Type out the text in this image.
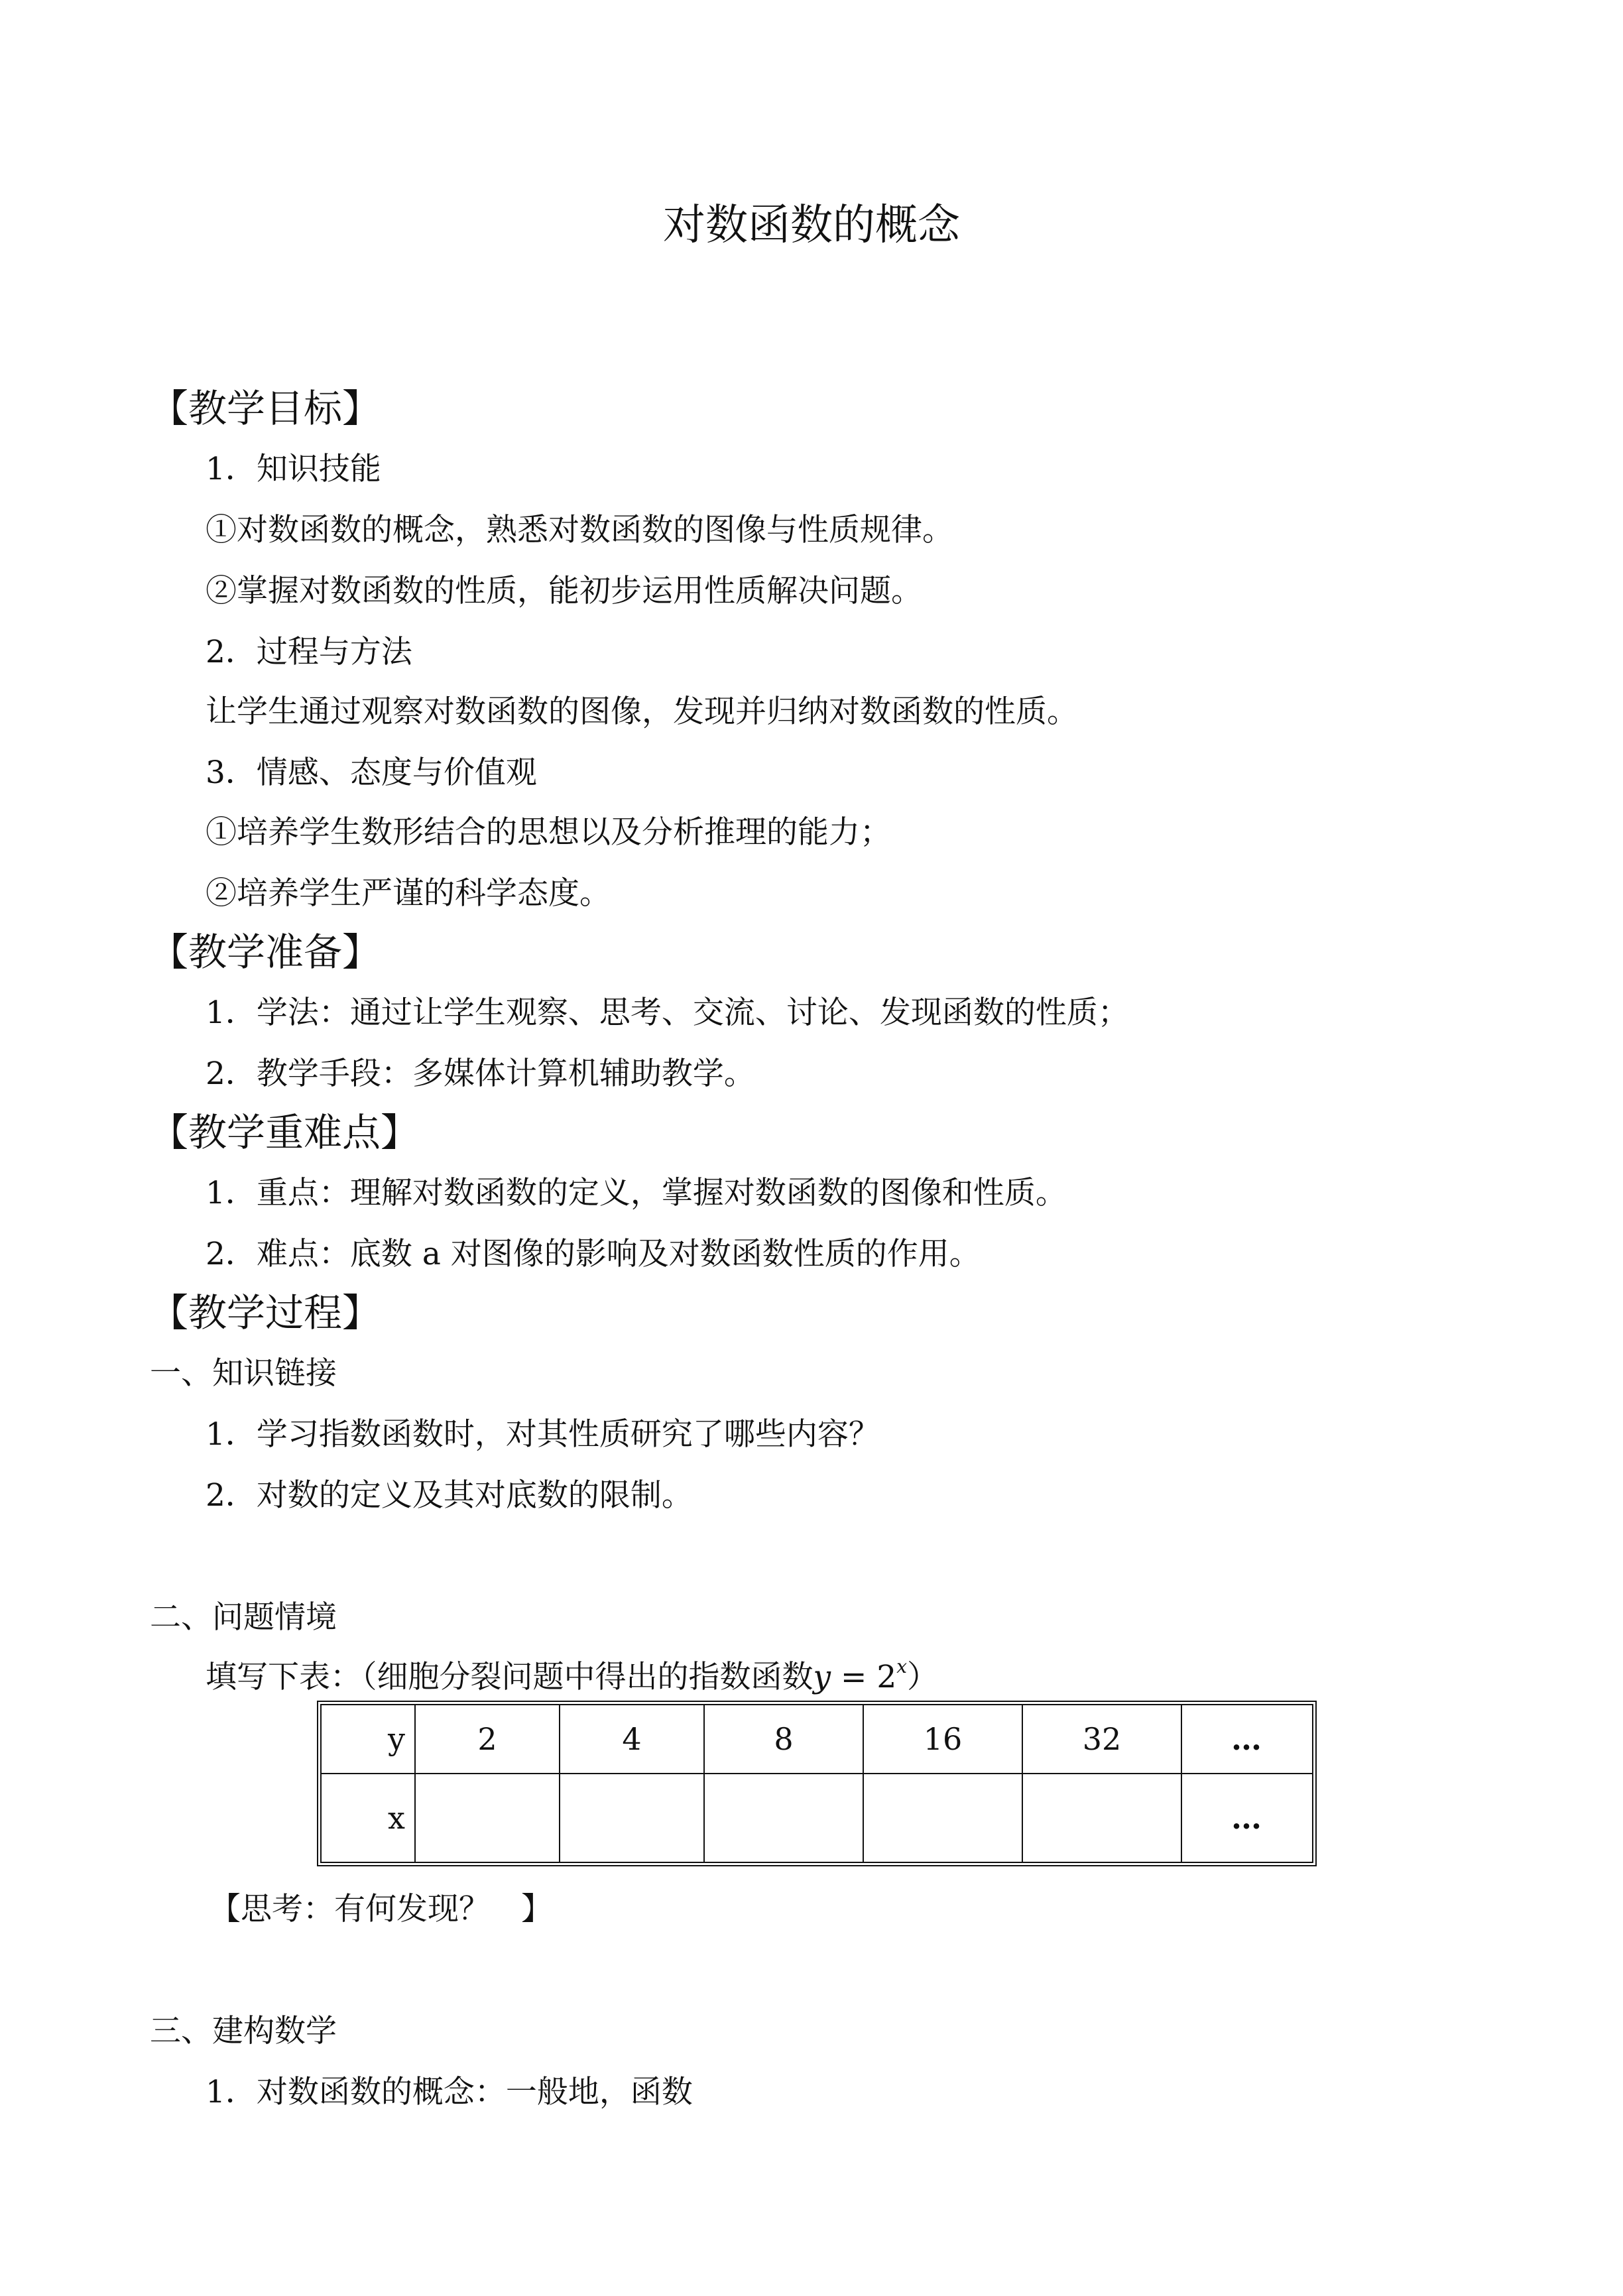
对数函数的概念
【教学目标】
1．知识技能
①对数函数的概念，熟悉对数函数的图像与性质规律。
②掌握对数函数的性质，能初步运用性质解决问题。
2．过程与方法
让学生通过观察对数函数的图像，发现并归纳对数函数的性质。
3．情感、态度与价值观
①培养学生数形结合的思想以及分析推理的能力；
②培养学生严谨的科学态度。
【教学准备】
1．学法：通过让学生观察、思考、交流、讨论、发现函数的性质；
2．教学手段：多媒体计算机辅助教学。
【教学重难点】
1．重点：理解对数函数的定义，掌握对数函数的图像和性质。
2．难点：底数 a 对图像的影响及对数函数性质的作用。
【教学过程】
一、知识链接
1．学习指数函数时，对其性质研究了哪些内容？
2．对数的定义及其对底数的限制。
二、问题情境
填写下表：（细胞分裂问题中得出的指数函数$y = 2^x$）
y	2	4	8	16	32	…
x						…
【思考：有何发现？　】
三、建构数学
1．对数函数的概念：一般地，函数
